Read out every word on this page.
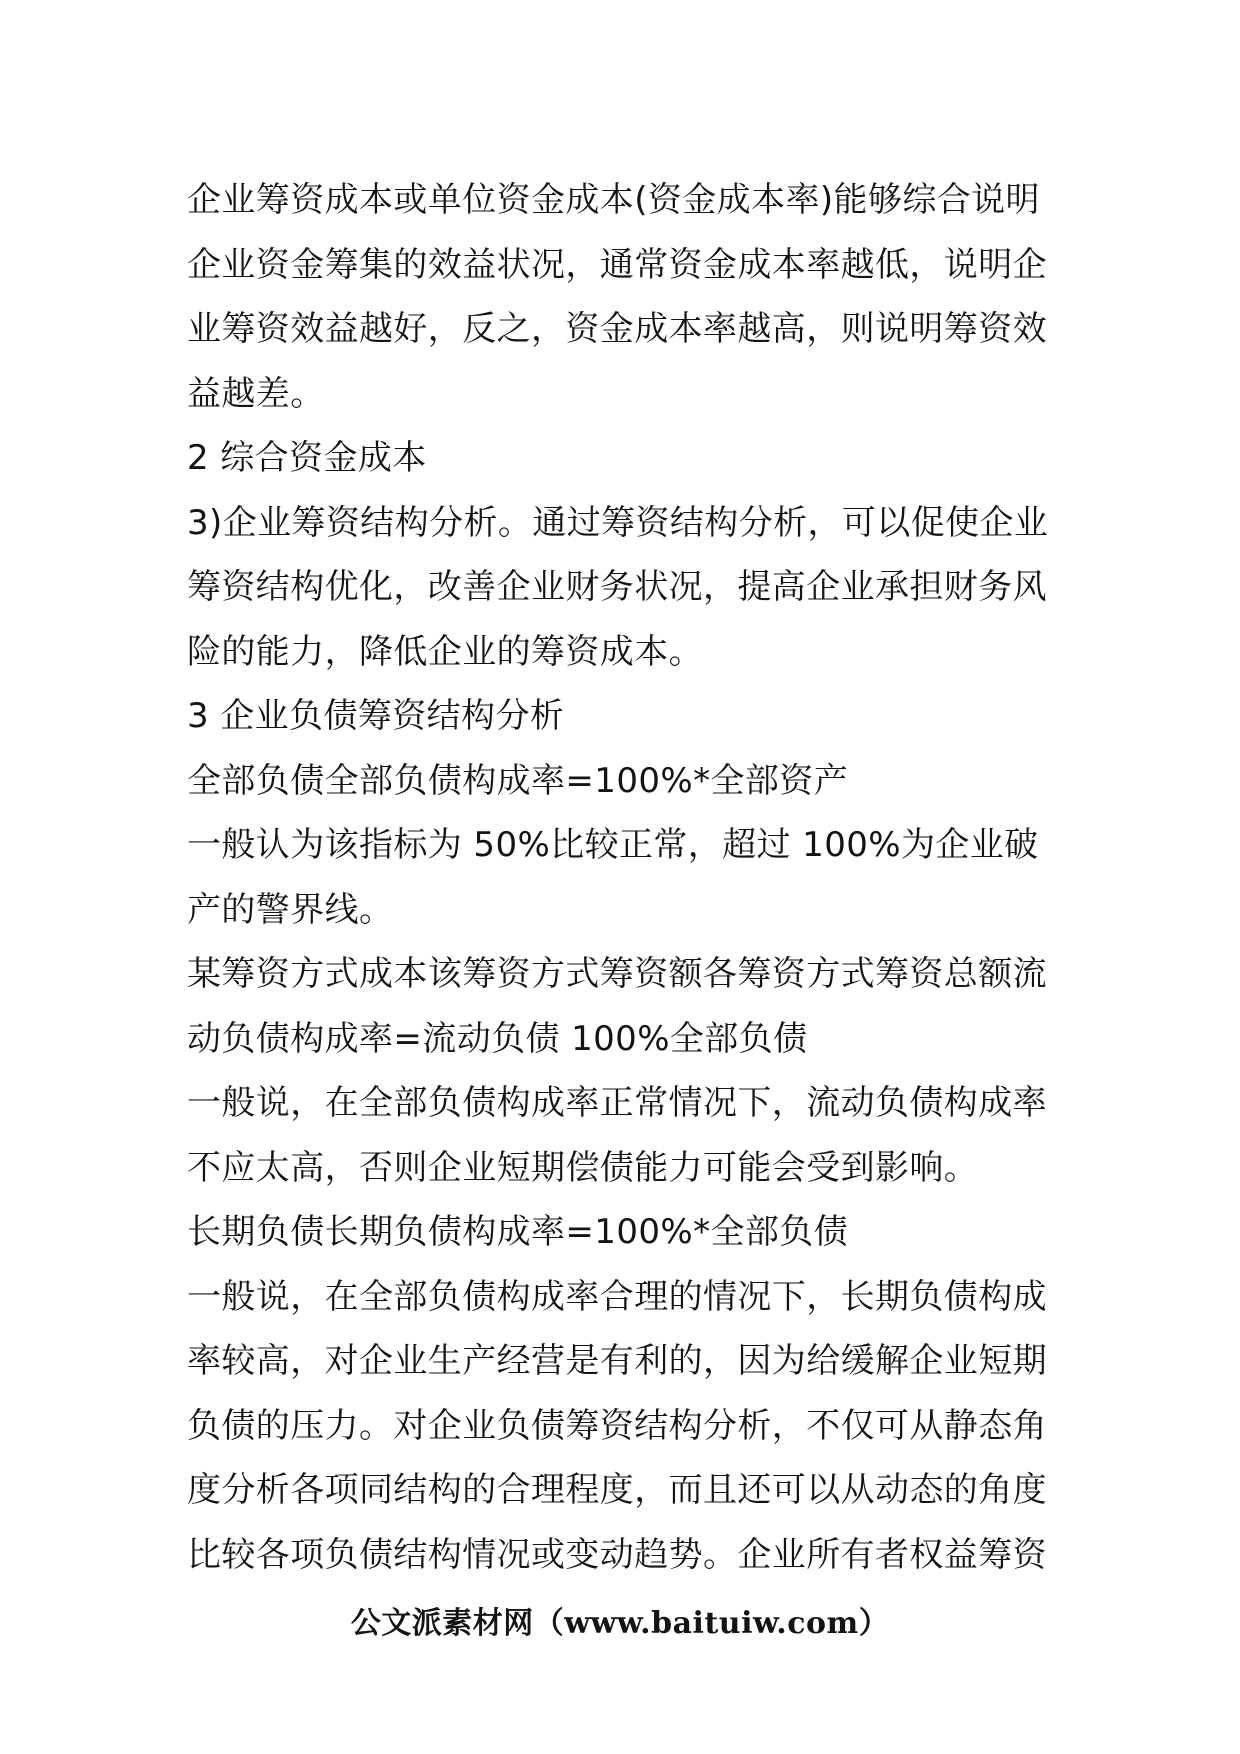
企业筹资成本或单位资金成本(资金成本率)能够综合说明企业资金筹集的效益状况，通常资金成本率越低，说明企业筹资效益越好，反之，资金成本率越高，则说明筹资效益越差。

2 综合资金成本

3)企业筹资结构分析。通过筹资结构分析，可以促使企业筹资结构优化，改善企业财务状况，提高企业承担财务风险的能力，降低企业的筹资成本。

3 企业负债筹资结构分析

全部负债全部负债构成率=100%*全部资产

一般认为该指标为 50%比较正常，超过 100%为企业破产的警界线。

某筹资方式成本该筹资方式筹资额各筹资方式筹资总额流动负债构成率=流动负债 100%全部负债

一般说，在全部负债构成率正常情况下，流动负债构成率不应太高，否则企业短期偿债能力可能会受到影响。

长期负债长期负债构成率=100%*全部负债

一般说，在全部负债构成率合理的情况下，长期负债构成率较高，对企业生产经营是有利的，因为给缓解企业短期负债的压力。对企业负债筹资结构分析，不仅可从静态角度分析各项同结构的合理程度，而且还可以从动态的角度比较各项负债结构情况或变动趋势。企业所有者权益筹资

公文派素材网（www.baituiw.com）
